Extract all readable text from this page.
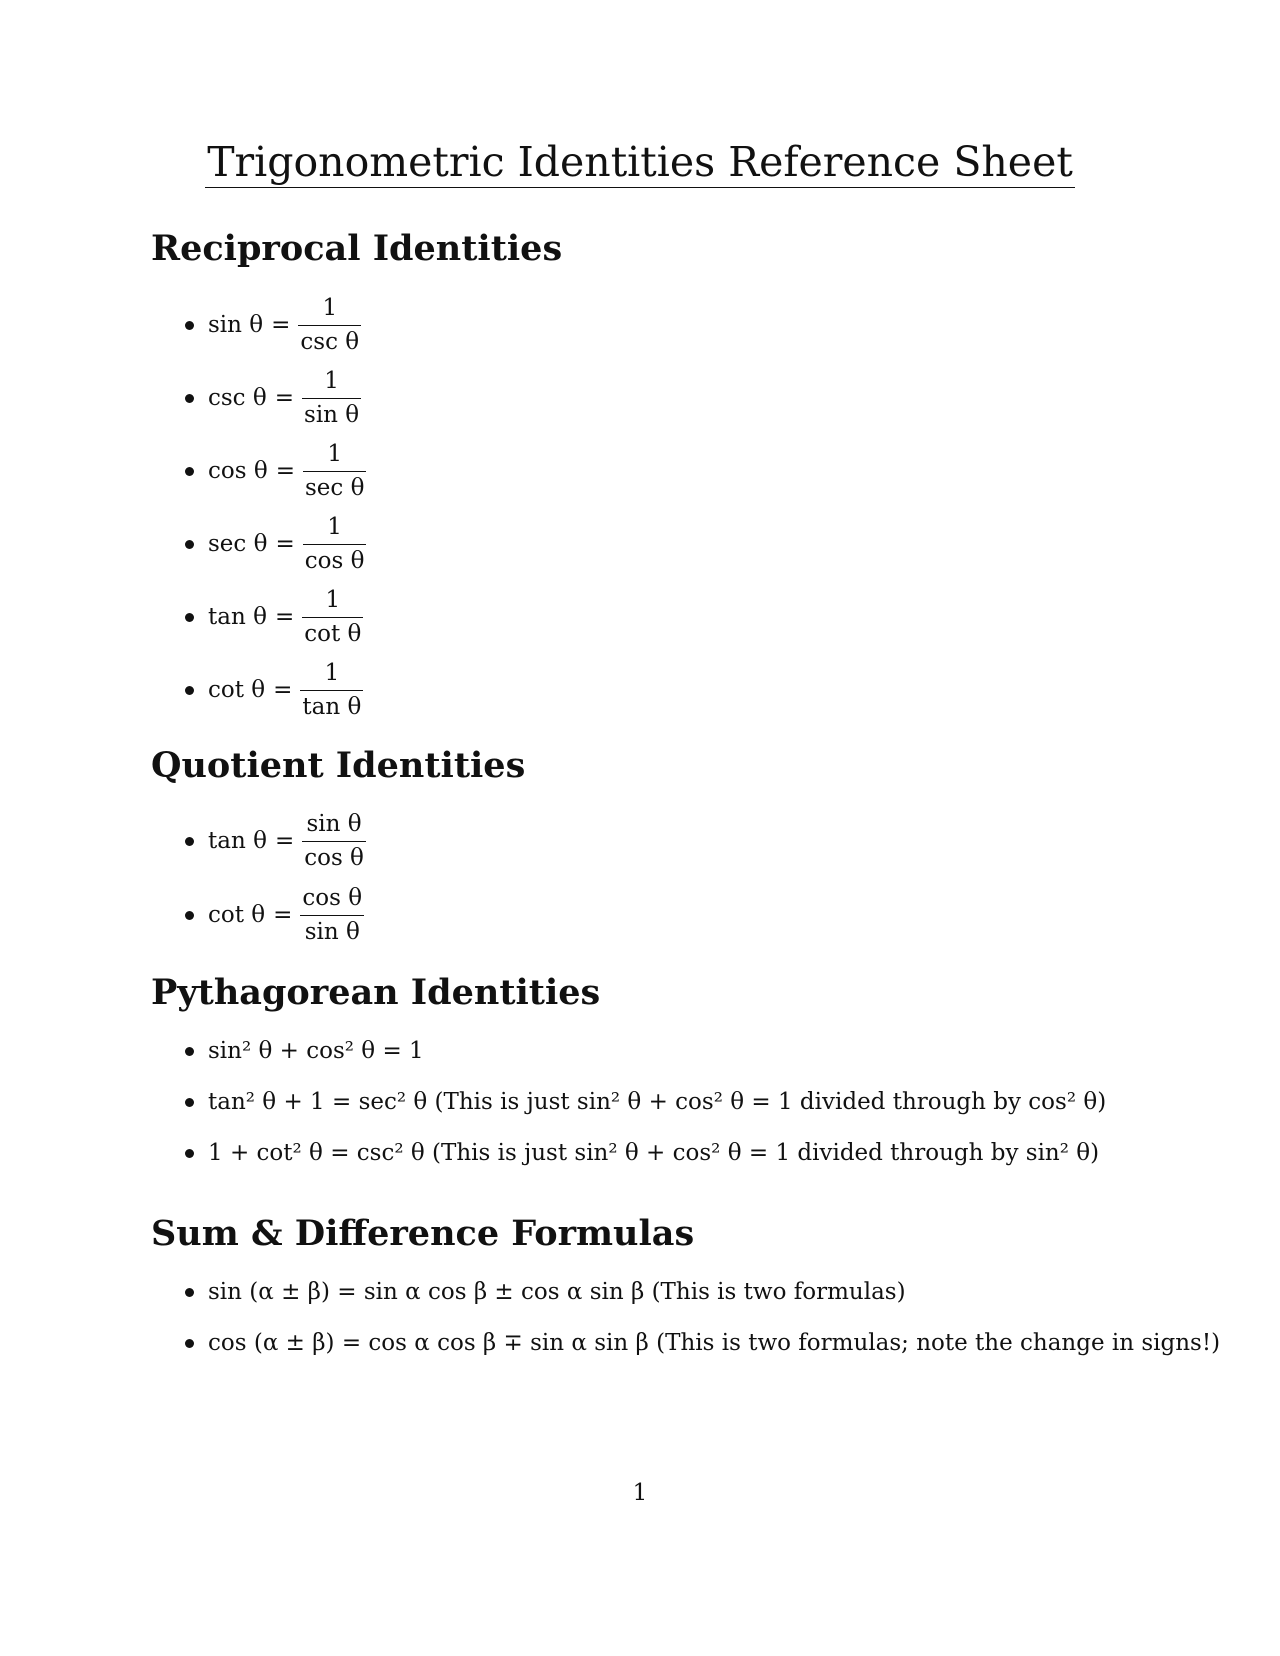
Trigonometric Identities Reference Sheet
Reciprocal Identities
$\sin \theta = \frac{1}{\text{csc θ}}$
$\csc \theta = \frac{1}{\text{sin θ}}$
$\cos \theta = \frac{1}{\text{sec θ}}$
$\sec \theta = \frac{1}{\text{cos θ}}$
$\tan \theta = \frac{1}{\text{cot θ}}$
$\cot \theta = \frac{1}{\text{tan θ}}$
Quotient Identities
$\tan \theta = \frac{\text{sin θ}}{\text{cos θ}}$
$\cot \theta = \frac{\text{cos θ}}{\text{sin θ}}$
Pythagorean Identities
sin² θ + cos² θ = 1
tan² θ + 1 = sec² θ (This is just sin² θ + cos² θ = 1 divided through by cos² θ)
1 + cot² θ = csc² θ (This is just sin² θ + cos² θ = 1 divided through by sin² θ)
Sum & Difference Formulas
sin (α ± β) = sin α cos β ± cos α sin β (This is two formulas)
cos (α ± β) = cos α cos β ∓ sin α sin β (This is two formulas; note the change in signs!)
1
